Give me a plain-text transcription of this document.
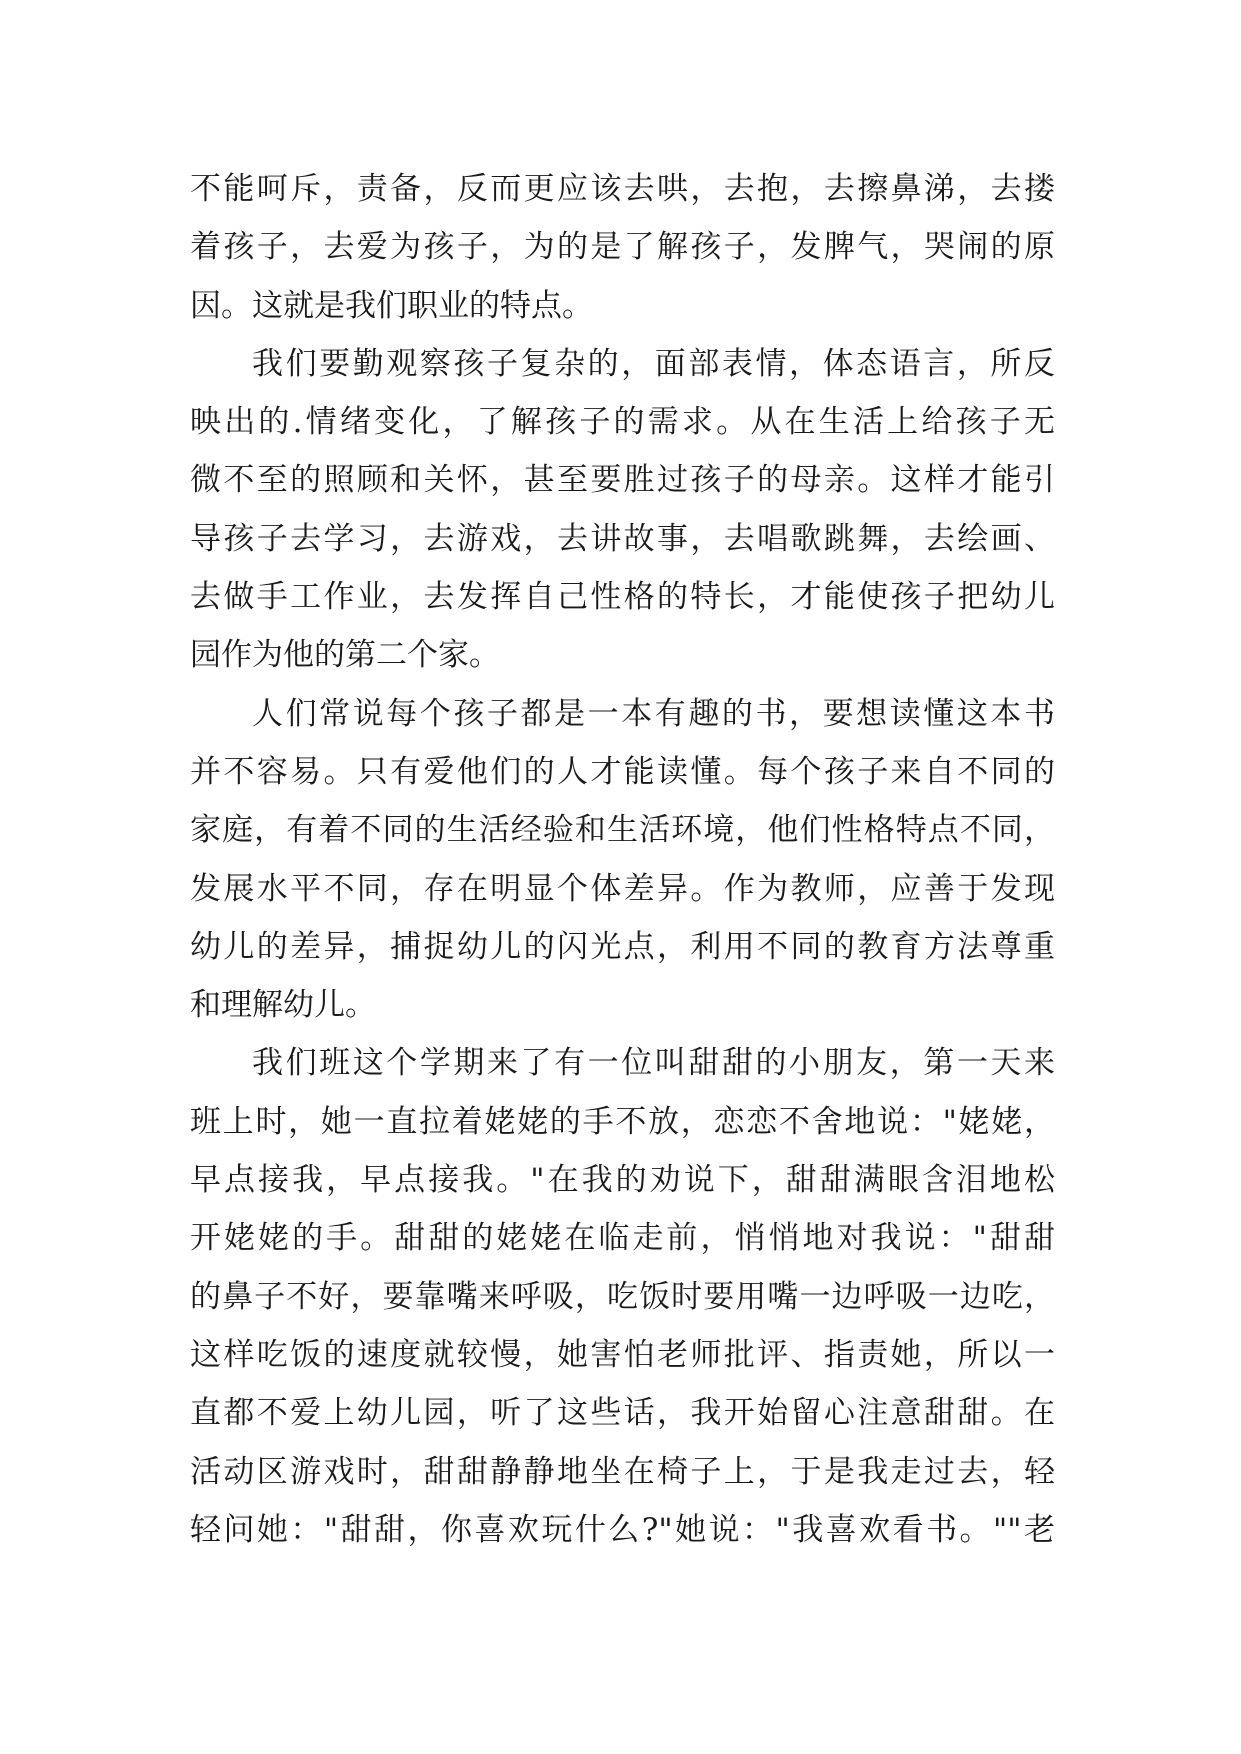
不能呵斥，责备，反而更应该去哄，去抱，去擦鼻涕，去搂
着孩子，去爱为孩子，为的是了解孩子，发脾气，哭闹的原
因。这就是我们职业的特点。
我们要勤观察孩子复杂的，面部表情，体态语言，所反
映出的.情绪变化，了解孩子的需求。从在生活上给孩子无
微不至的照顾和关怀，甚至要胜过孩子的母亲。这样才能引
导孩子去学习，去游戏，去讲故事，去唱歌跳舞，去绘画、
去做手工作业，去发挥自己性格的特长，才能使孩子把幼儿
园作为他的第二个家。
人们常说每个孩子都是一本有趣的书，要想读懂这本书
并不容易。只有爱他们的人才能读懂。每个孩子来自不同的
家庭，有着不同的生活经验和生活环境，他们性格特点不同，
发展水平不同，存在明显个体差异。作为教师，应善于发现
幼儿的差异，捕捉幼儿的闪光点，利用不同的教育方法尊重
和理解幼儿。
我们班这个学期来了有一位叫甜甜的小朋友，第一天来
班上时，她一直拉着姥姥的手不放，恋恋不舍地说："姥姥，
早点接我，早点接我。"在我的劝说下，甜甜满眼含泪地松
开姥姥的手。甜甜的姥姥在临走前，悄悄地对我说："甜甜
的鼻子不好，要靠嘴来呼吸，吃饭时要用嘴一边呼吸一边吃，
这样吃饭的速度就较慢，她害怕老师批评、指责她，所以一
直都不爱上幼儿园，听了这些话，我开始留心注意甜甜。在
活动区游戏时，甜甜静静地坐在椅子上，于是我走过去，轻
轻问她："甜甜，你喜欢玩什么?"她说："我喜欢看书。""老
